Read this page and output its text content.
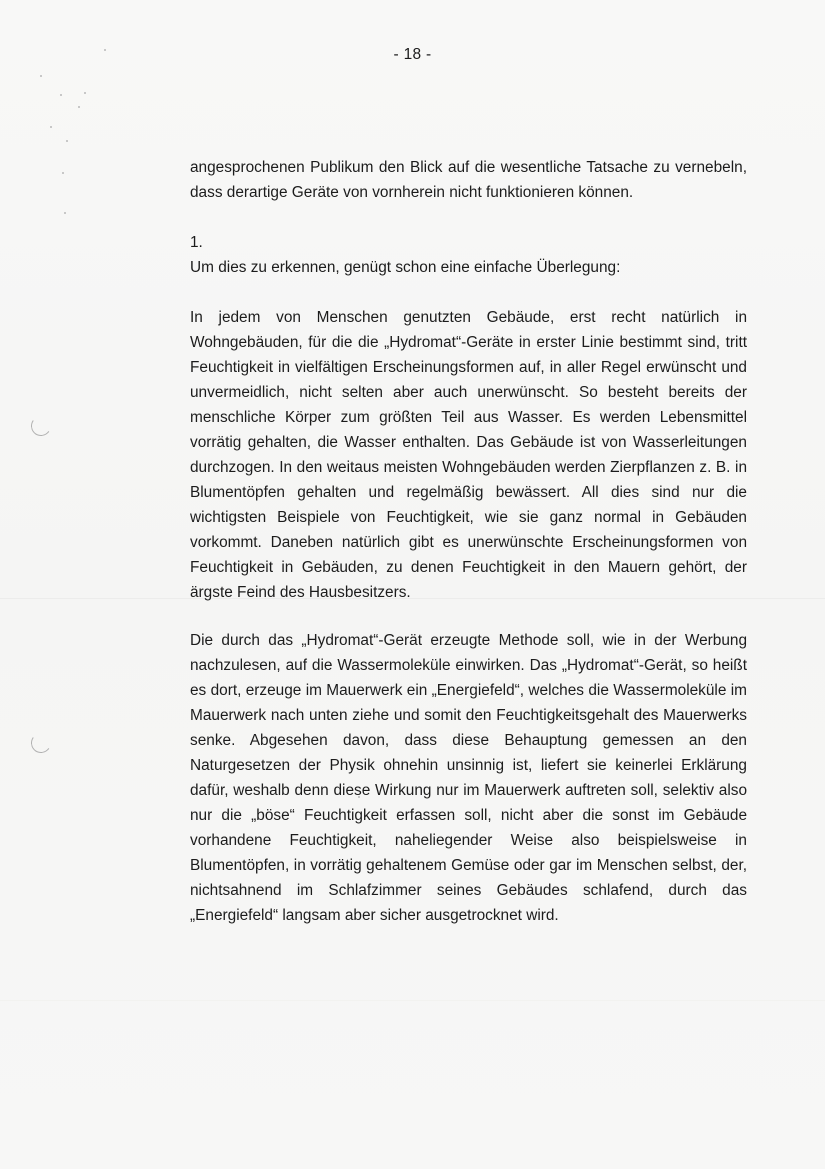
- 18 -
angesprochenen Publikum den Blick auf die wesentliche Tatsache zu vernebeln,
dass derartige Geräte von vornherein nicht funktionieren können.
1.
Um dies zu erkennen, genügt schon eine einfache Überlegung:
In jedem von Menschen genutzten Gebäude, erst recht natürlich in
Wohngebäuden, für die die „Hydromat“-Geräte in erster Linie bestimmt sind, tritt
Feuchtigkeit in vielfältigen Erscheinungsformen auf, in aller Regel erwünscht und
unvermeidlich, nicht selten aber auch unerwünscht. So besteht bereits der
menschliche Körper zum größten Teil aus Wasser. Es werden Lebensmittel
vorrätig gehalten, die Wasser enthalten. Das Gebäude ist von Wasserleitungen
durchzogen. In den weitaus meisten Wohngebäuden werden Zierpflanzen z. B. in
Blumentöpfen gehalten und regelmäßig bewässert. All dies sind nur die
wichtigsten Beispiele von Feuchtigkeit, wie sie ganz normal in Gebäuden
vorkommt. Daneben natürlich gibt es unerwünschte Erscheinungsformen von
Feuchtigkeit in Gebäuden, zu denen Feuchtigkeit in den Mauern gehört, der
ärgste Feind des Hausbesitzers.
Die durch das „Hydromat“-Gerät erzeugte Methode soll, wie in der Werbung
nachzulesen, auf die Wassermoleküle einwirken. Das „Hydromat“-Gerät, so heißt
es dort, erzeuge im Mauerwerk ein „Energiefeld“, welches die Wassermoleküle im
Mauerwerk nach unten ziehe und somit den Feuchtigkeitsgehalt des Mauerwerks
senke. Abgesehen davon, dass diese Behauptung gemessen an den
Naturgesetzen der Physik ohnehin unsinnig ist, liefert sie keinerlei Erklärung
dafür, weshalb denn diese Wirkung nur im Mauerwerk auftreten soll, selektiv also
nur die „böse“ Feuchtigkeit erfassen soll, nicht aber die sonst im Gebäude
vorhandene Feuchtigkeit, naheliegender Weise also beispielsweise in
Blumentöpfen, in vorrätig gehaltenem Gemüse oder gar im Menschen selbst, der,
nichtsahnend im Schlafzimmer seines Gebäudes schlafend, durch das
„Energiefeld“ langsam aber sicher ausgetrocknet wird.
